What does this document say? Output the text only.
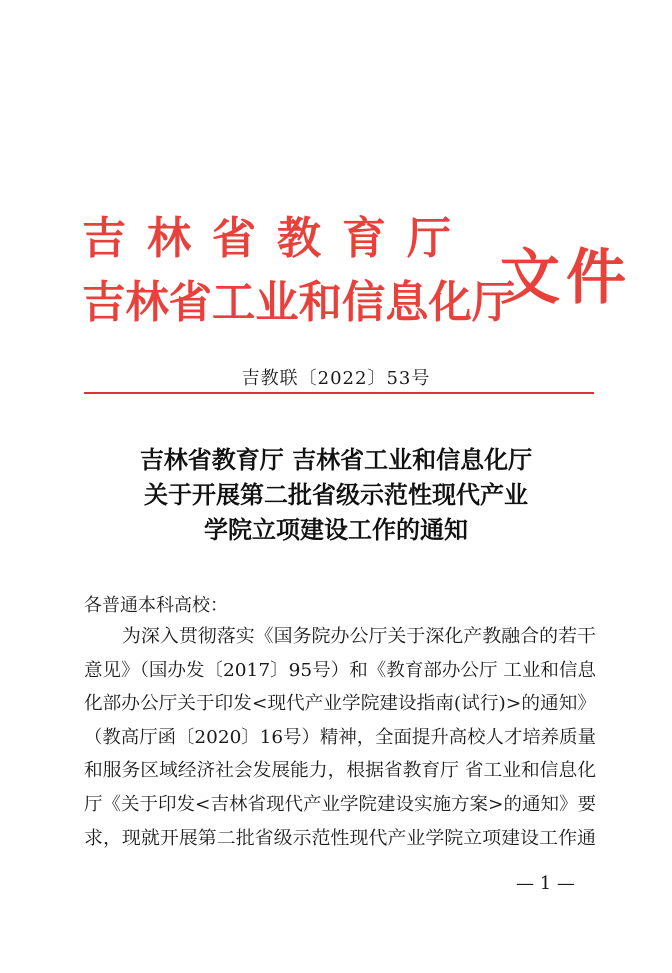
吉林省教育厅
吉林省工业和信息化厅
文件
吉教联〔2022〕53号
吉林省教育厅 吉林省工业和信息化厅
关于开展第二批省级示范性现代产业
学院立项建设工作的通知
各普通本科高校：
　　为深入贯彻落实《国务院办公厅关于深化产教融合的若干
意见》（国办发〔2017〕95号）和《教育部办公厅 工业和信息
化部办公厅关于印发<现代产业学院建设指南(试行)>的通知》
（教高厅函〔2020〕16号）精神，全面提升高校人才培养质量
和服务区域经济社会发展能力，根据省教育厅 省工业和信息化
厅《关于印发<吉林省现代产业学院建设实施方案>的通知》要
求，现就开展第二批省级示范性现代产业学院立项建设工作通
— 1 —
